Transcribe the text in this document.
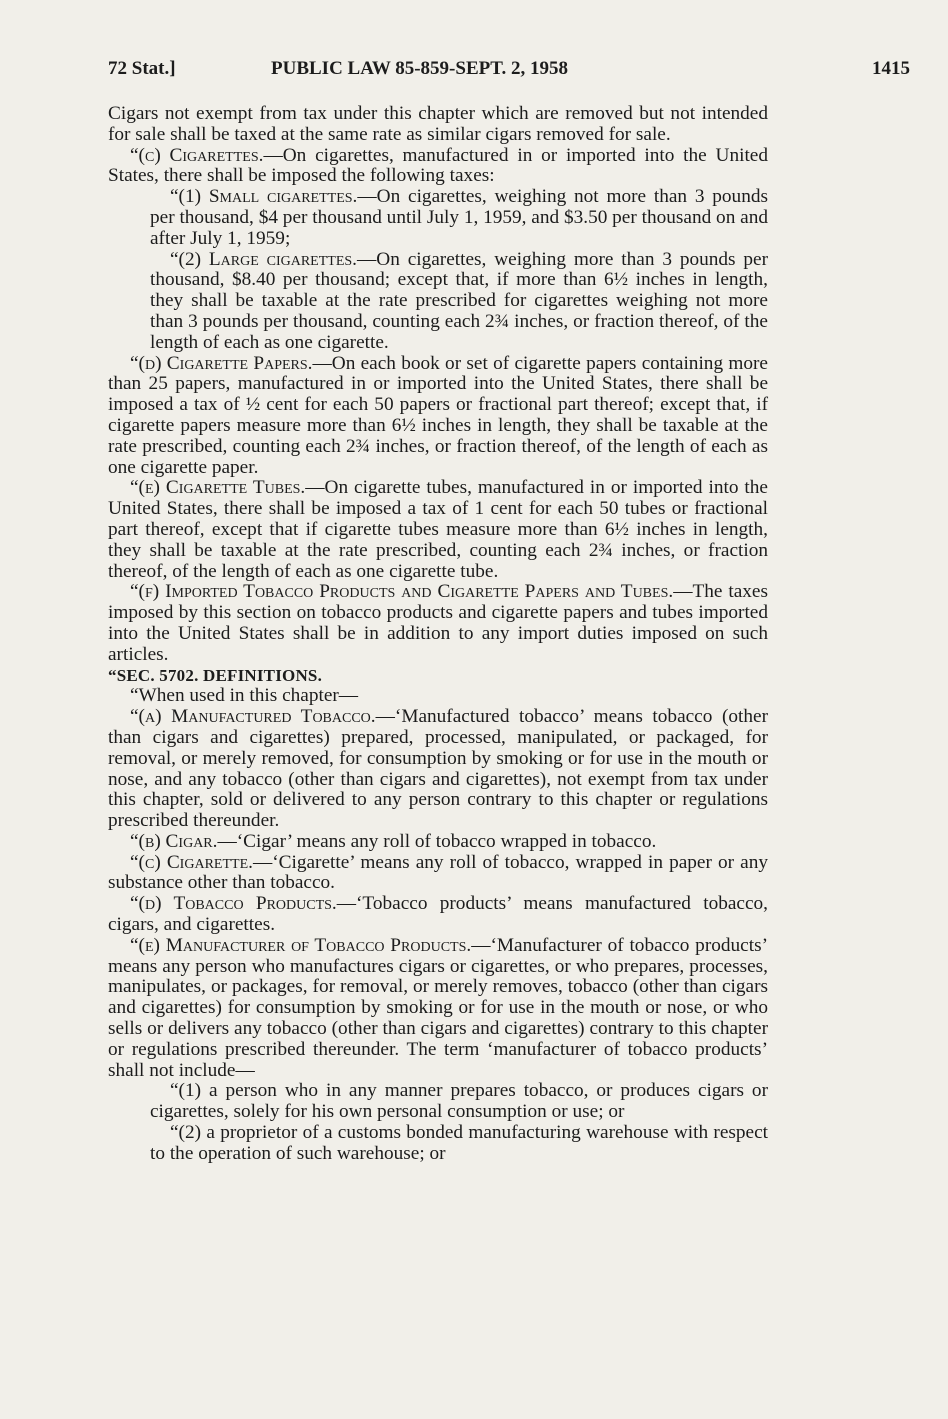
72 Stat.]	PUBLIC LAW 85-859-SEPT. 2, 1958	1415

Cigars not exempt from tax under this chapter which are removed but not intended for sale shall be taxed at the same rate as similar cigars removed for sale.

“(c) Cigarettes.—On cigarettes, manufactured in or imported into the United States, there shall be imposed the following taxes:

“(1) Small cigarettes.—On cigarettes, weighing not more than 3 pounds per thousand, $4 per thousand until July 1, 1959, and $3.50 per thousand on and after July 1, 1959;

“(2) Large cigarettes.—On cigarettes, weighing more than 3 pounds per thousand, $8.40 per thousand; except that, if more than 6½ inches in length, they shall be taxable at the rate prescribed for cigarettes weighing not more than 3 pounds per thousand, counting each 2¾ inches, or fraction thereof, of the length of each as one cigarette.

“(d) Cigarette Papers.—On each book or set of cigarette papers containing more than 25 papers, manufactured in or imported into the United States, there shall be imposed a tax of ½ cent for each 50 papers or fractional part thereof; except that, if cigarette papers measure more than 6½ inches in length, they shall be taxable at the rate prescribed, counting each 2¾ inches, or fraction thereof, of the length of each as one cigarette paper.

“(e) Cigarette Tubes.—On cigarette tubes, manufactured in or imported into the United States, there shall be imposed a tax of 1 cent for each 50 tubes or fractional part thereof, except that if cigarette tubes measure more than 6½ inches in length, they shall be taxable at the rate prescribed, counting each 2¾ inches, or fraction thereof, of the length of each as one cigarette tube.

“(f) Imported Tobacco Products and Cigarette Papers and Tubes.—The taxes imposed by this section on tobacco products and cigarette papers and tubes imported into the United States shall be in addition to any import duties imposed on such articles.

“SEC. 5702. DEFINITIONS.

“When used in this chapter—

“(a) Manufactured Tobacco.—‘Manufactured tobacco’ means tobacco (other than cigars and cigarettes) prepared, processed, manipulated, or packaged, for removal, or merely removed, for consumption by smoking or for use in the mouth or nose, and any tobacco (other than cigars and cigarettes), not exempt from tax under this chapter, sold or delivered to any person contrary to this chapter or regulations prescribed thereunder.

“(b) Cigar.—‘Cigar’ means any roll of tobacco wrapped in tobacco.

“(c) Cigarette.—‘Cigarette’ means any roll of tobacco, wrapped in paper or any substance other than tobacco.

“(d) Tobacco Products.—‘Tobacco products’ means manufactured tobacco, cigars, and cigarettes.

“(e) Manufacturer of Tobacco Products.—‘Manufacturer of tobacco products’ means any person who manufactures cigars or cigarettes, or who prepares, processes, manipulates, or packages, for removal, or merely removes, tobacco (other than cigars and cigarettes) for consumption by smoking or for use in the mouth or nose, or who sells or delivers any tobacco (other than cigars and cigarettes) contrary to this chapter or regulations prescribed thereunder. The term ‘manufacturer of tobacco products’ shall not include—

“(1) a person who in any manner prepares tobacco, or produces cigars or cigarettes, solely for his own personal consumption or use; or

“(2) a proprietor of a customs bonded manufacturing warehouse with respect to the operation of such warehouse; or
